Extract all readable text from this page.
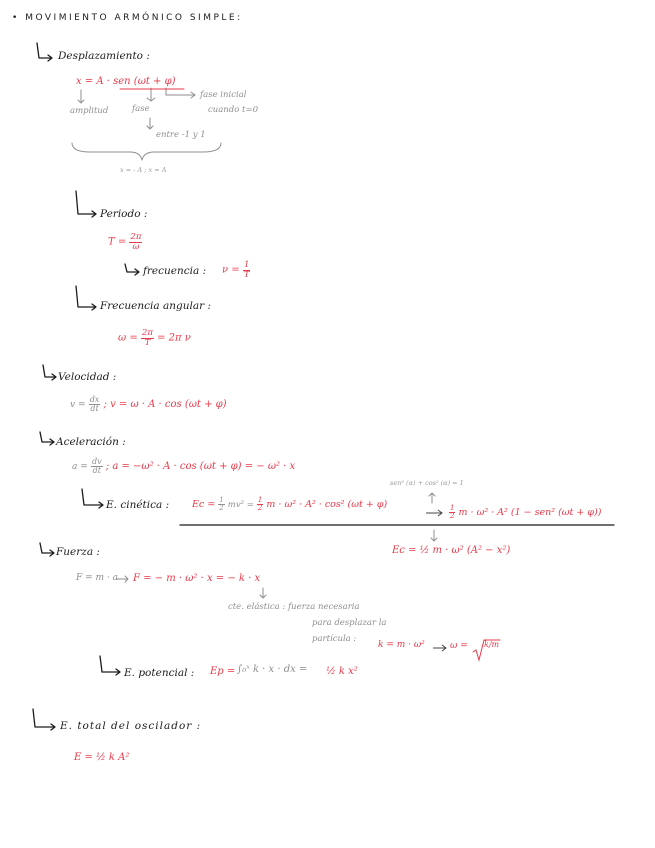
• MOVIMIENTO ARMÓNICO SIMPLE:
Desplazamiento :
x = A · sen (ωt + φ)
amplitud	fase
fase inicial
cuando t=0
entre -1 y 1
x = - A ; x = A
Periodo :
$T = \frac{2\pi}{\omega}$
frecuencia : $\nu = \frac{1}{T}$
Frecuencia angular :
$\omega = \frac{2\pi}{T} = 2\pi$ ν
Velocidad :
$v = \frac{dx}{dt}$ ; v = ω · A · cos (ωt + φ)
Aceleración :
$a = \frac{dv}{dt}$ ; a = −ω² · A · cos (ωt + φ) = − ω² · x
sen² (α) + cos² (α) = 1
E. cinética : $Ec = \frac{1}{2} mv^2 = \frac{1}{2}$ m · ω² · A² · cos² (ωt + φ)
$\frac{1}{2}$ m · ω² · A² (1 − sen² (ωt + φ))
Ec = ½ m · ω² (A² − x²)
Fuerza :
F = m · a F = − m · ω² · x = − k · x
cte. elástica : fuerza necesaria
para desplazar la
partícula :
k = m · ω²	ω = k/m
E. potencial : Ep = ∫₀ˣ k · x · dx = ½ k x²
E. total del oscilador :
E = ½ k A²
